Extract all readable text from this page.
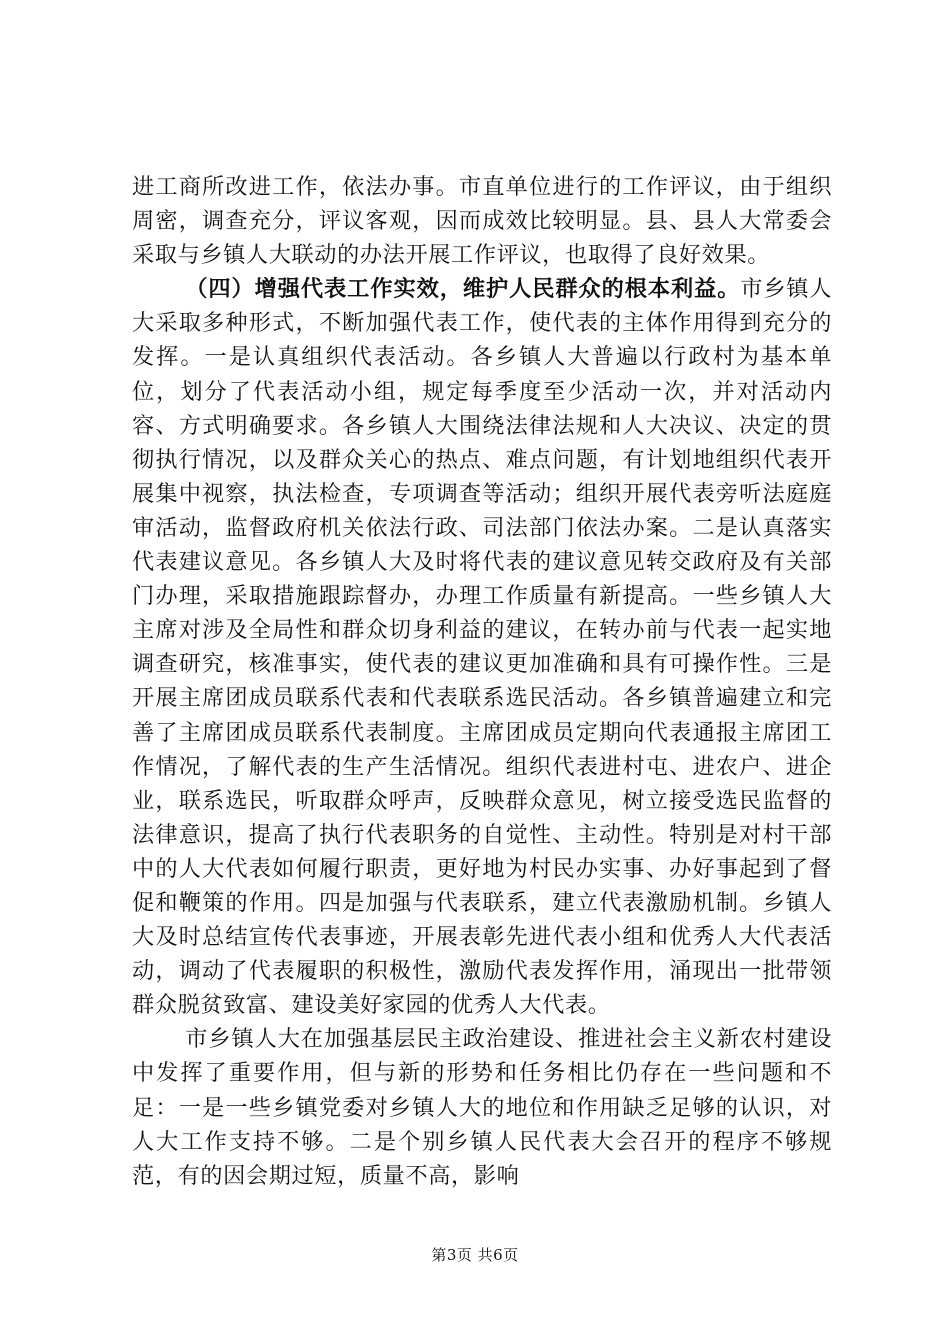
进工商所改进工作，依法办事。市直单位进行的工作评议，由于组织周密，调查充分，评议客观，因而成效比较明显。县、县人大常委会采取与乡镇人大联动的办法开展工作评议，也取得了良好效果。

（四）增强代表工作实效，维护人民群众的根本利益。市乡镇人大采取多种形式，不断加强代表工作，使代表的主体作用得到充分的发挥。一是认真组织代表活动。各乡镇人大普遍以行政村为基本单位，划分了代表活动小组，规定每季度至少活动一次，并对活动内容、方式明确要求。各乡镇人大围绕法律法规和人大决议、决定的贯彻执行情况，以及群众关心的热点、难点问题，有计划地组织代表开展集中视察，执法检查，专项调查等活动；组织开展代表旁听法庭庭审活动，监督政府机关依法行政、司法部门依法办案。二是认真落实代表建议意见。各乡镇人大及时将代表的建议意见转交政府及有关部门办理，采取措施跟踪督办，办理工作质量有新提高。一些乡镇人大主席对涉及全局性和群众切身利益的建议，在转办前与代表一起实地调查研究，核准事实，使代表的建议更加准确和具有可操作性。三是开展主席团成员联系代表和代表联系选民活动。各乡镇普遍建立和完善了主席团成员联系代表制度。主席团成员定期向代表通报主席团工作情况，了解代表的生产生活情况。组织代表进村屯、进农户、进企业，联系选民，听取群众呼声，反映群众意见，树立接受选民监督的法律意识，提高了执行代表职务的自觉性、主动性。特别是对村干部中的人大代表如何履行职责，更好地为村民办实事、办好事起到了督促和鞭策的作用。四是加强与代表联系，建立代表激励机制。乡镇人大及时总结宣传代表事迹，开展表彰先进代表小组和优秀人大代表活动，调动了代表履职的积极性，激励代表发挥作用，涌现出一批带领群众脱贫致富、建设美好家园的优秀人大代表。

市乡镇人大在加强基层民主政治建设、推进社会主义新农村建设中发挥了重要作用，但与新的形势和任务相比仍存在一些问题和不足：一是一些乡镇党委对乡镇人大的地位和作用缺乏足够的认识，对人大工作支持不够。二是个别乡镇人民代表大会召开的程序不够规范，有的因会期过短，质量不高，影响

第3页 共6页
